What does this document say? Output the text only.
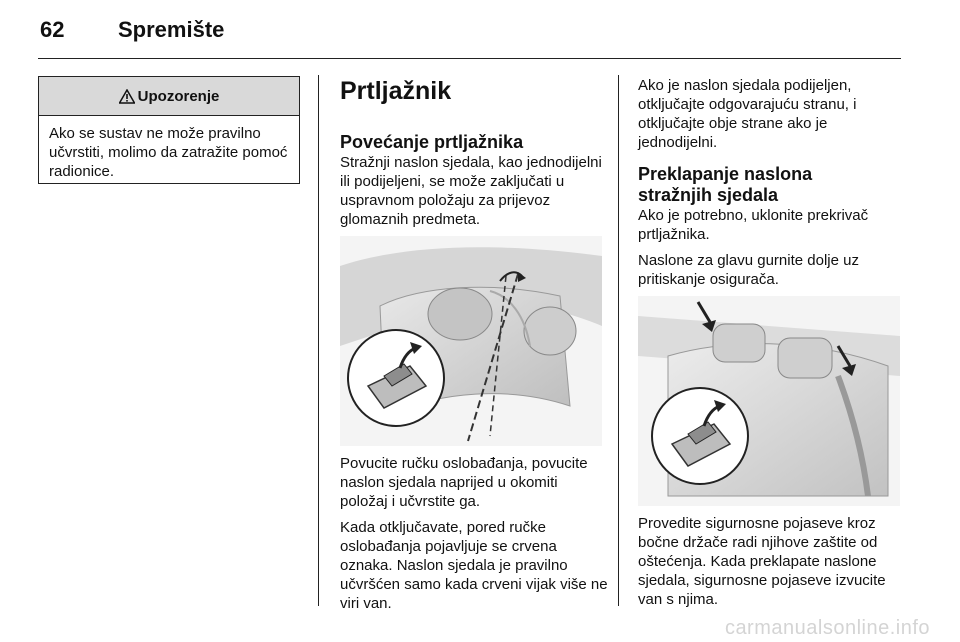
62 Spremište
Upozorenje
Ako se sustav ne može pravilno učvrstiti, molimo da zatražite pomoć radionice.
Prtljažnik
Povećanje prtljažnika

Stražnji naslon sjedala, kao jednodijelni ili podijeljeni, se može zaključati u uspravnom položaju za prijevoz glomaznih predmeta.

Povucite ručku oslobađanja, povucite naslon sjedala naprijed u okomiti položaj i učvrstite ga.

Kada otključavate, pored ručke oslobađanja pojavljuje se crvena oznaka. Naslon sjedala je pravilno učvršćen samo kada crveni vijak više ne viri van.

Ako je naslon sjedala podijeljen, otključajte odgovarajuću stranu, i otključajte obje strane ako je jednodijelni.

Preklapanje naslona stražnjih sjedala

Ako je potrebno, uklonite prekrivač prtljažnika.

Naslone za glavu gurnite dolje uz pritiskanje osigurača.

Provedite sigurnosne pojaseve kroz bočne držače radi njihove zaštite od oštećenja. Kada preklapate naslone sjedala, sigurnosne pojaseve izvucite van s njima.

carmanualsonline.info
